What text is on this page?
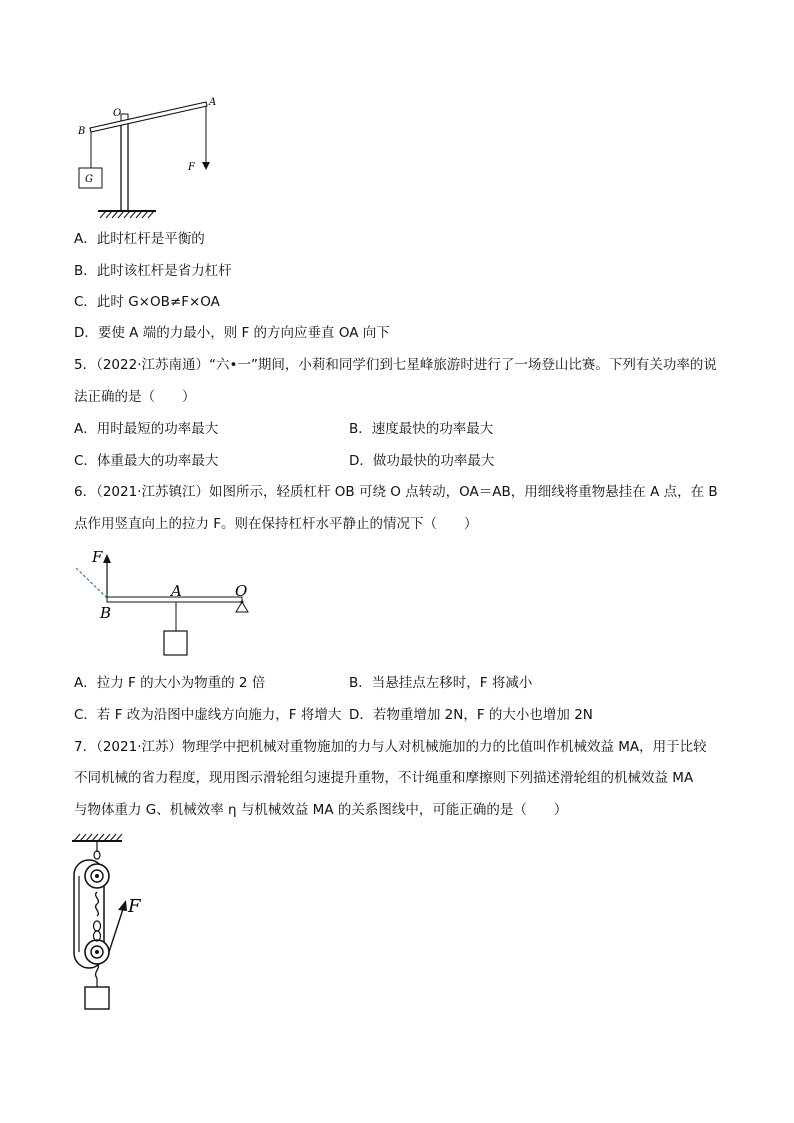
O
A
B
F
G
A．此时杠杆是平衡的
B．此时该杠杆是省力杠杆
C．此时 G×OB≠F×OA
D．要使 A 端的力最小，则 F 的方向应垂直 OA 向下
5．（2022·江苏南通）“六•一”期间，小莉和同学们到七星峰旅游时进行了一场登山比赛。下列有关功率的说
法正确的是（　　）
A．用时最短的功率最大	B．速度最快的功率最大
C．体重最大的功率最大	D．做功最快的功率最大
6．（2021·江苏镇江）如图所示，轻质杠杆 OB 可绕 O 点转动，OA＝AB，用细线将重物悬挂在 A 点，在 B
点作用竖直向上的拉力 F。则在保持杠杆水平静止的情况下（　　）
F
A	O
B
A．拉力 F 的大小为物重的 2 倍	B．当悬挂点左移时，F 将减小
C．若 F 改为沿图中虚线方向施力，F 将增大 D．若物重增加 2N，F 的大小也增加 2N
7．（2021·江苏）物理学中把机械对重物施加的力与人对机械施加的力的比值叫作机械效益 MA，用于比较
不同机械的省力程度，现用图示滑轮组匀速提升重物，不计绳重和摩擦则下列描述滑轮组的机械效益 MA
与物体重力 G、机械效率 η 与机械效益 MA 的关系图线中，可能正确的是（　　）
F
